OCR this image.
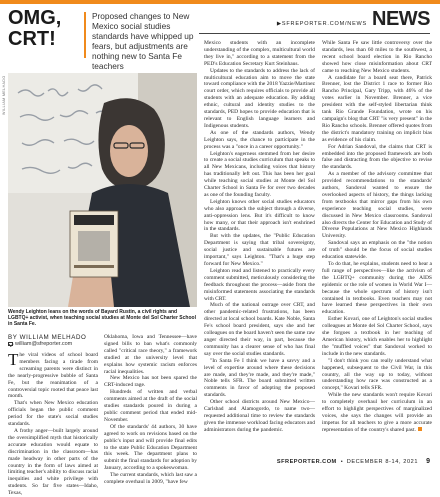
▶SFREPORTER.COM/NEWS NEWS
OMG, CRT!
Proposed changes to New Mexico social studies standards have whipped up fears, but adjustments are nothing new to Santa Fe teachers
WILLIAM MELHADO
Wendy Leighton leans on the words of Bayard Rustin, a civil rights and LGBTQ+ activist, when teaching social studies at Monte del Sol Charter School in Santa Fe.
BY WILLIAM MELHADO
william@sfreporter.com

The viral videos of school board members facing a tirade from screaming parents were distinct in the nearly-progressive bubble of Santa Fe, but the reanimation of a controversial topic rooted that peace last month.

That's when New Mexico education officials began the public comment period for the state's social studies standards.

A frothy anger—built largely around the oversimplified myth that historically accurate education would equate to discrimination in the classroom—has made headway in other parts of the country in the form of laws aimed at limiting teacher's ability to discuss racial inequities and white privilege with students. So far five states—Idaho, Texas,

Oklahoma, Iowa and Tennessee—have signed bills to ban what's commonly called "critical race theory," a framework studied at the university level that explains how systemic racism enforces racial inequalities.

New Mexico has not been spared the CRT-induced rage.

Hundreds of written and verbal comments aimed at the draft of the social studies standards poured in during a public comment period that ended mid-November.

Of the standards' 44 authors, 30 have agreed to work on revisions based on the public's input and will provide final edits to the state Public Education Department this week. The department plans to submit the final standards for adoption by January, according to a spokeswoman.

The current standards, which last saw a complete overhaul in 2009, "have few

Mexico students with an incomplete understanding of the complex, multicultural world they live in," according to a statement from the PED's Education Secretary Kurt Steinhaus.

Updates to the standards to address the lack of multicultural education aim to move the state toward compliance with the 2018 Yazzie/Martinez court order, which requires officials to provide all students with an adequate education. By adding ethnic, cultural and identity studies to the standards, PED hopes to provide education that is relevant to English language learners and Indigenous students.

As one of the standards authors, Wendy Leighton says, the chance to participate in the process was a "once in a career opportunity."

Leighton's eagerness stemmed from her desire to create a social studies curriculum that speaks to all New Mexicans, including voices that history has traditionally left out. This has been her goal while teaching social studies at Monte del Sol Charter School in Santa Fe for over two decades as one of the founding faculty.

Leighton knows other social studies educators who also approach the subject through a diverse, anti-oppression lens. But it's difficult to know how many, or that their approach isn't enshrined in the standards.

But with the updates, the "Public Education Department is saying that tribal sovereignty, social justice and sustainable futures are important," says Leighton. "That's a huge step forward for New Mexico."

Leighton read and listened to practically every comment submitted, meticulously considering the feedback throughout the process—aside from the misinformed statements associating the standards with CRT.

Much of the national outrage over CRT, and other pandemic-related frustrations, has been directed at local school boards. Kate Noble, Santa Fe's school board president, says she and her colleagues on the board haven't seen the same raw anger directed their way, in part, because the community has a clearer sense of who has final say over the social studies standards.

"In Santa Fe I think we have a savvy and a level of expertise around where these decisions are made, and they're made, and they're made," Noble tells SFR. The board submitted written comments in favor of adopting the proposed standards.

Other school districts around New Mexico—Carlsbad and Alamogordo, to name two—requested additional time to review the standards given the immense workload facing educators and administrators during the pandemic.

While Santa Fe saw little controversy over the standards, less than 60 miles to the southwest, a recent school board election in Rio Rancho showed how close misinformation about CRT came to reaching New Mexico students.

A candidate for a board seat there, Patrick Brenner, lost the District 1 race to former Rio Rancho Principal, Gary Tripp, with 46% of the votes earlier in November. Brenner, a vice president with the self-styled libertarian think tank Rio Grande Foundation, wrote on his campaign's blog that CRT "is very present" in the Rio Rancho schools. Brenner offered quotes from the district's mandatory training on implicit bias as evidence of his claim.

For Adrian Sandoval, the claims that CRT is embedded into the proposed framework are both false and distracting from the objective to revise the standards.

As a member of the advisory committee that provided recommendations to the standards' authors, Sandoval wanted to ensure the overlooked aspects of history, the things lacking from textbooks that mirror gaps from his own experience teaching social studies, were discussed in New Mexico classrooms. Sandoval also directs the Center for Education and Study of Diverse Populations at New Mexico Highlands University.

Sandoval says an emphasis on the "the notion of truth" should be the focus of social studies education statewide.

To do that, he explains, students need to hear a full range of perspectives—like the activism of the LGBTQ+ community during the AIDS epidemic or the role of women in World War I—because the whole spectrum of history isn't contained in textbooks. Even teachers may not have learned these perspectives in their own education.

Esther Kovari, one of Leighton's social studies colleagues at Monte del Sol Charter School, says she forgoes a textbook in her teaching of American history, which enables her to highlight the "muffled voices" that Sandoval worked to include in the new standards.

"I don't think you can really understand what happened, subsequent to the Civil War, in this country, all the way up to today, without understanding how race was constructed as a concept," Kovari tells SFR.

While the new standards won't require Kovari to completely overhaul her curriculum in an effort to highlight perspectives of marginalized voices, she says the changes will provide an impetus for all teachers to give a more accurate representation of the country's shared past.

SFREPORTER.COM • DECEMBER 8-14, 2021 9
